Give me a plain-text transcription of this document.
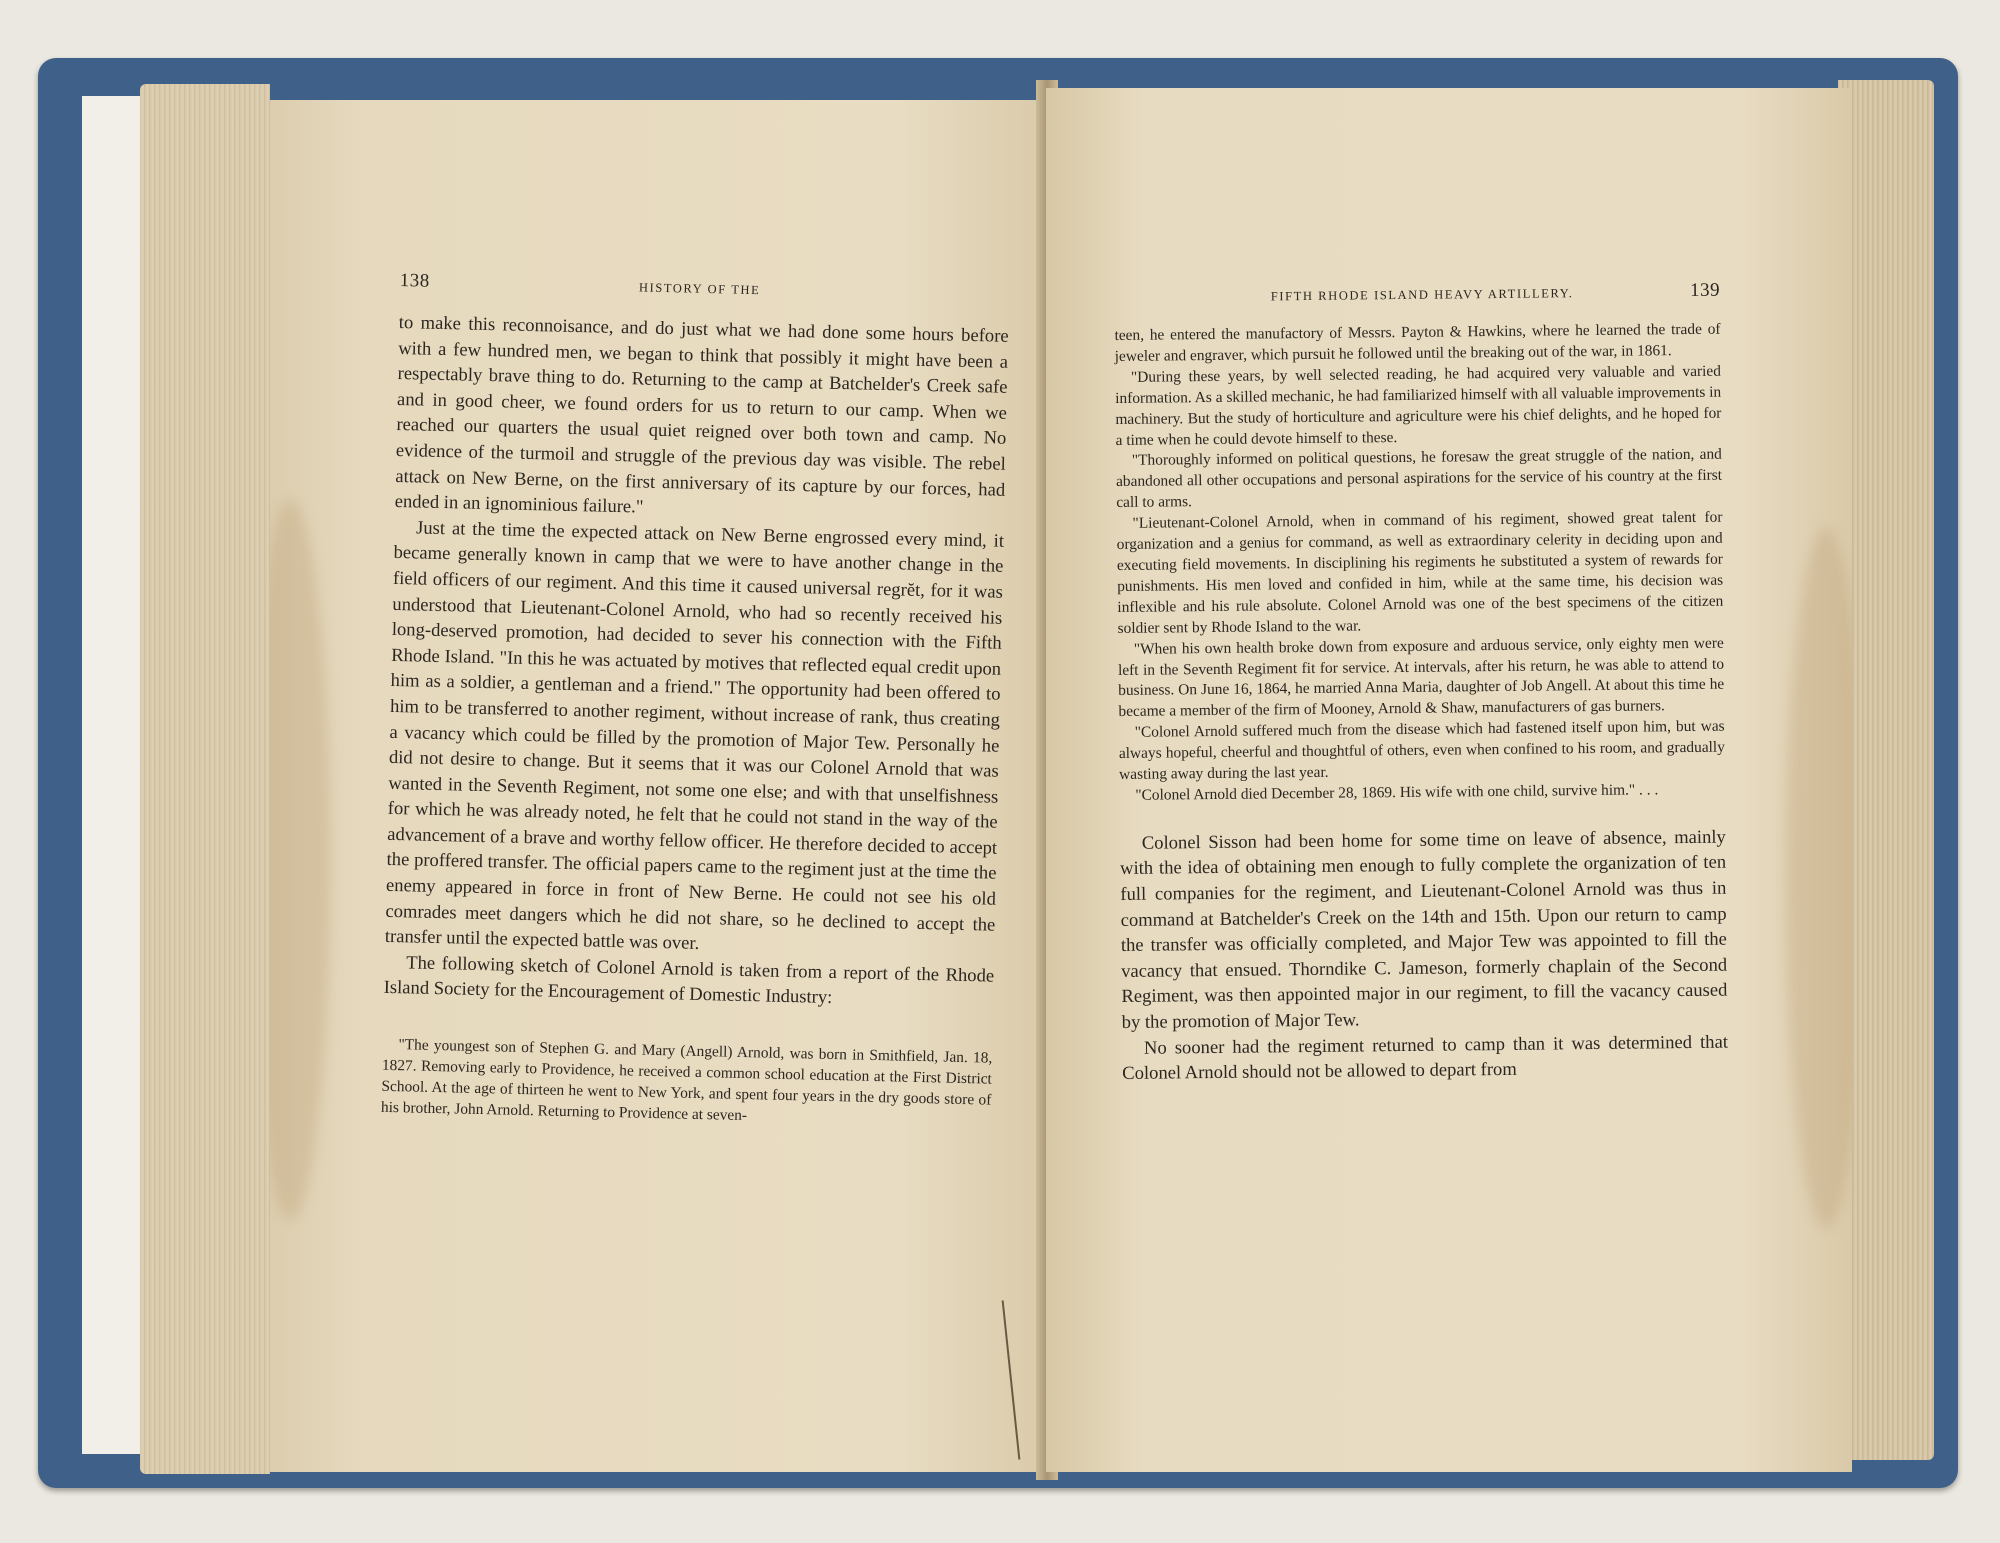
138	HISTORY OF THE

to make this reconnoisance, and do just what we had done some hours before with a few hundred men, we began to think that possibly it might have been a respectably brave thing to do. Returning to the camp at Batchelder's Creek safe and in good cheer, we found orders for us to return to our camp. When we reached our quarters the usual quiet reigned over both town and camp. No evidence of the turmoil and struggle of the previous day was visible. The rebel attack on New Berne, on the first anniversary of its capture by our forces, had ended in an ignominious failure."

Just at the time the expected attack on New Berne engrossed every mind, it became generally known in camp that we were to have another change in the field officers of our regiment. And this time it caused universal regrĕt, for it was understood that Lieutenant-Colonel Arnold, who had so recently received his long-deserved promotion, had decided to sever his connection with the Fifth Rhode Island. "In this he was actuated by motives that reflected equal credit upon him as a soldier, a gentleman and a friend." The opportunity had been offered to him to be transferred to another regiment, without increase of rank, thus creating a vacancy which could be filled by the promotion of Major Tew. Personally he did not desire to change. But it seems that it was our Colonel Arnold that was wanted in the Seventh Regiment, not some one else; and with that unselfishness for which he was already noted, he felt that he could not stand in the way of the advancement of a brave and worthy fellow officer. He therefore decided to accept the proffered transfer. The official papers came to the regiment just at the time the enemy appeared in force in front of New Berne. He could not see his old comrades meet dangers which he did not share, so he declined to accept the transfer until the expected battle was over.

The following sketch of Colonel Arnold is taken from a report of the Rhode Island Society for the Encouragement of Domestic Industry:

"The youngest son of Stephen G. and Mary (Angell) Arnold, was born in Smithfield, Jan. 18, 1827. Removing early to Providence, he received a common school education at the First District School. At the age of thirteen he went to New York, and spent four years in the dry goods store of his brother, John Arnold. Returning to Providence at seven-

FIFTH RHODE ISLAND HEAVY ARTILLERY.	139

teen, he entered the manufactory of Messrs. Payton & Hawkins, where he learned the trade of jeweler and engraver, which pursuit he followed until the breaking out of the war, in 1861.

"During these years, by well selected reading, he had acquired very valuable and varied information. As a skilled mechanic, he had familiarized himself with all valuable improvements in machinery. But the study of horticulture and agriculture were his chief delights, and he hoped for a time when he could devote himself to these.

"Thoroughly informed on political questions, he foresaw the great struggle of the nation, and abandoned all other occupations and personal aspirations for the service of his country at the first call to arms.

"Lieutenant-Colonel Arnold, when in command of his regiment, showed great talent for organization and a genius for command, as well as extraordinary celerity in deciding upon and executing field movements. In disciplining his regiments he substituted a system of rewards for punishments. His men loved and confided in him, while at the same time, his decision was inflexible and his rule absolute. Colonel Arnold was one of the best specimens of the citizen soldier sent by Rhode Island to the war.

"When his own health broke down from exposure and arduous service, only eighty men were left in the Seventh Regiment fit for service. At intervals, after his return, he was able to attend to business. On June 16, 1864, he married Anna Maria, daughter of Job Angell. At about this time he became a member of the firm of Mooney, Arnold & Shaw, manufacturers of gas burners.

"Colonel Arnold suffered much from the disease which had fastened itself upon him, but was always hopeful, cheerful and thoughtful of others, even when confined to his room, and gradually wasting away during the last year.

"Colonel Arnold died December 28, 1869. His wife with one child, survive him." . . .

Colonel Sisson had been home for some time on leave of absence, mainly with the idea of obtaining men enough to fully complete the organization of ten full companies for the regiment, and Lieutenant-Colonel Arnold was thus in command at Batchelder's Creek on the 14th and 15th. Upon our return to camp the transfer was officially completed, and Major Tew was appointed to fill the vacancy that ensued. Thorndike C. Jameson, formerly chaplain of the Second Regiment, was then appointed major in our regiment, to fill the vacancy caused by the promotion of Major Tew.

No sooner had the regiment returned to camp than it was determined that Colonel Arnold should not be allowed to depart from
